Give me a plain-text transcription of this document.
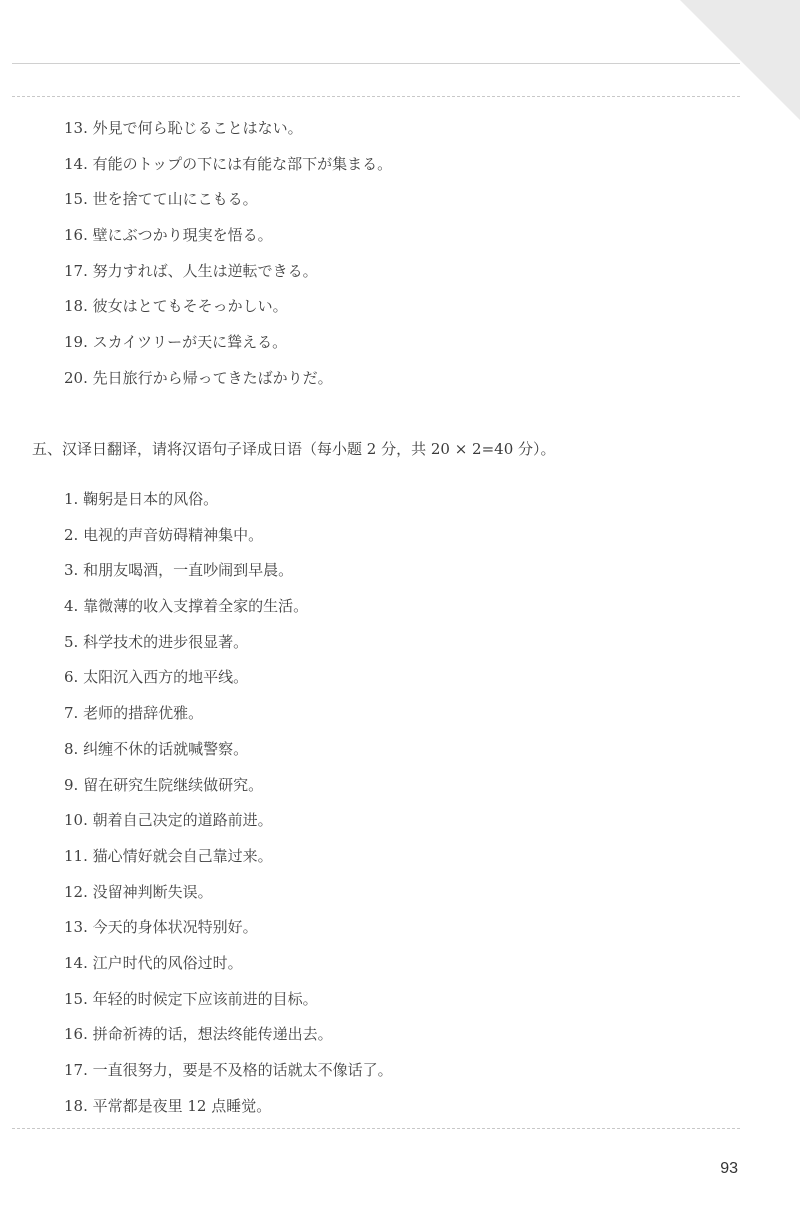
13. 外見で何ら恥じることはない。
14. 有能のトップの下には有能な部下が集まる。
15. 世を捨てて山にこもる。
16. 壁にぶつかり現実を悟る。
17. 努力すれば、人生は逆転できる。
18. 彼女はとてもそそっかしい。
19. スカイツリーが天に聳える。
20. 先日旅行から帰ってきたばかりだ。
五、汉译日翻译，请将汉语句子译成日语（每小题 2 分，共 20 × 2=40 分）。
1. 鞠躬是日本的风俗。
2. 电视的声音妨碍精神集中。
3. 和朋友喝酒，一直吵闹到早晨。
4. 靠微薄的收入支撑着全家的生活。
5. 科学技术的进步很显著。
6. 太阳沉入西方的地平线。
7. 老师的措辞优雅。
8. 纠缠不休的话就喊警察。
9. 留在研究生院继续做研究。
10. 朝着自己决定的道路前进。
11. 猫心情好就会自己靠过来。
12. 没留神判断失误。
13. 今天的身体状况特别好。
14. 江户时代的风俗过时。
15. 年轻的时候定下应该前进的目标。
16. 拼命祈祷的话，想法终能传递出去。
17. 一直很努力，要是不及格的话就太不像话了。
18. 平常都是夜里 12 点睡觉。
93
